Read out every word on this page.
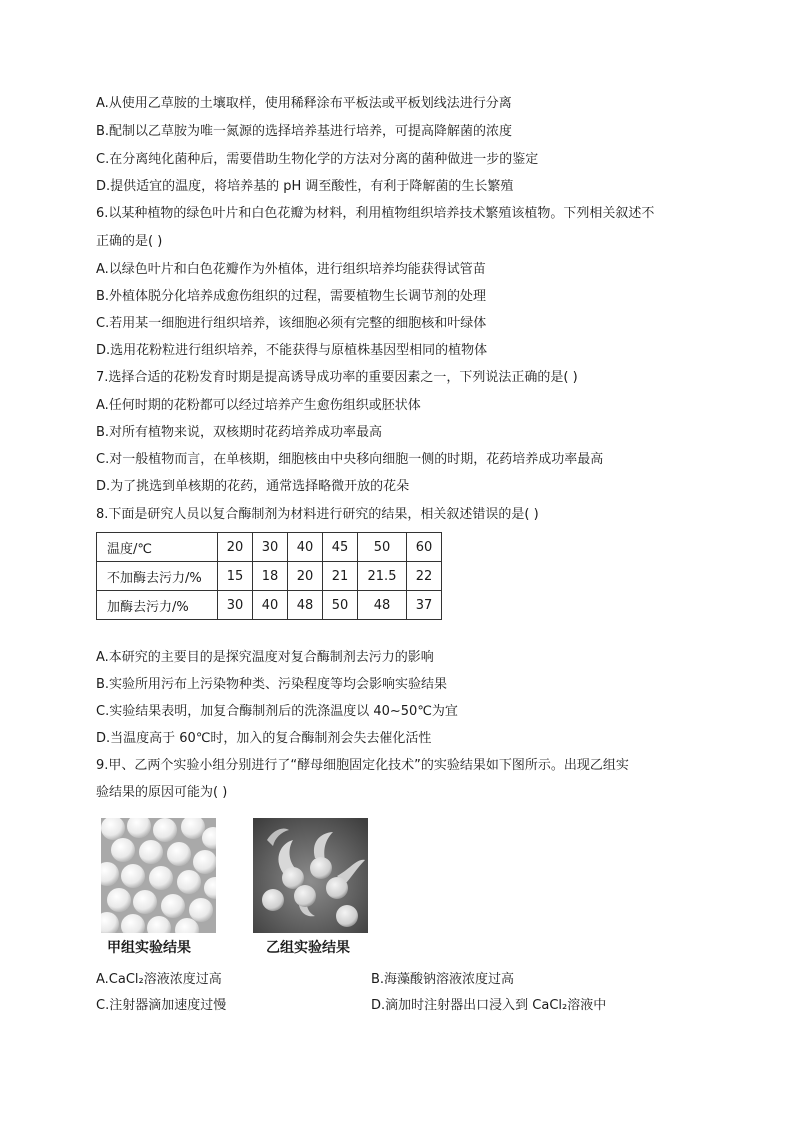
A.从使用乙草胺的土壤取样，使用稀释涂布平板法或平板划线法进行分离
B.配制以乙草胺为唯一氮源的选择培养基进行培养，可提高降解菌的浓度
C.在分离纯化菌种后，需要借助生物化学的方法对分离的菌种做进一步的鉴定
D.提供适宜的温度，将培养基的 pH 调至酸性，有利于降解菌的生长繁殖
6.以某种植物的绿色叶片和白色花瓣为材料，利用植物组织培养技术繁殖该植物。下列相关叙述不
正确的是( )
A.以绿色叶片和白色花瓣作为外植体，进行组织培养均能获得试管苗
B.外植体脱分化培养成愈伤组织的过程，需要植物生长调节剂的处理
C.若用某一细胞进行组织培养，该细胞必须有完整的细胞核和叶绿体
D.选用花粉粒进行组织培养，不能获得与原植株基因型相同的植物体
7.选择合适的花粉发育时期是提高诱导成功率的重要因素之一，下列说法正确的是( )
A.任何时期的花粉都可以经过培养产生愈伤组织或胚状体
B.对所有植物来说，双核期时花药培养成功率最高
C.对一般植物而言，在单核期，细胞核由中央移向细胞一侧的时期，花药培养成功率最高
D.为了挑选到单核期的花药，通常选择略微开放的花朵
8.下面是研究人员以复合酶制剂为材料进行研究的结果，相关叙述错误的是( )
温度/℃	20	30	40	45	50	60
不加酶去污力/%	15	18	20	21	21.5	22
加酶去污力/%	30	40	48	50	48	37
A.本研究的主要目的是探究温度对复合酶制剂去污力的影响
B.实验所用污布上污染物种类、污染程度等均会影响实验结果
C.实验结果表明，加复合酶制剂后的洗涤温度以 40~50℃为宜
D.当温度高于 60℃时，加入的复合酶制剂会失去催化活性
9.甲、乙两个实验小组分别进行了“酵母细胞固定化技术”的实验结果如下图所示。出现乙组实
验结果的原因可能为( )
甲组实验结果	乙组实验结果
A.CaCl₂溶液浓度过高	B.海藻酸钠溶液浓度过高
C.注射器滴加速度过慢	D.滴加时注射器出口浸入到 CaCl₂溶液中
